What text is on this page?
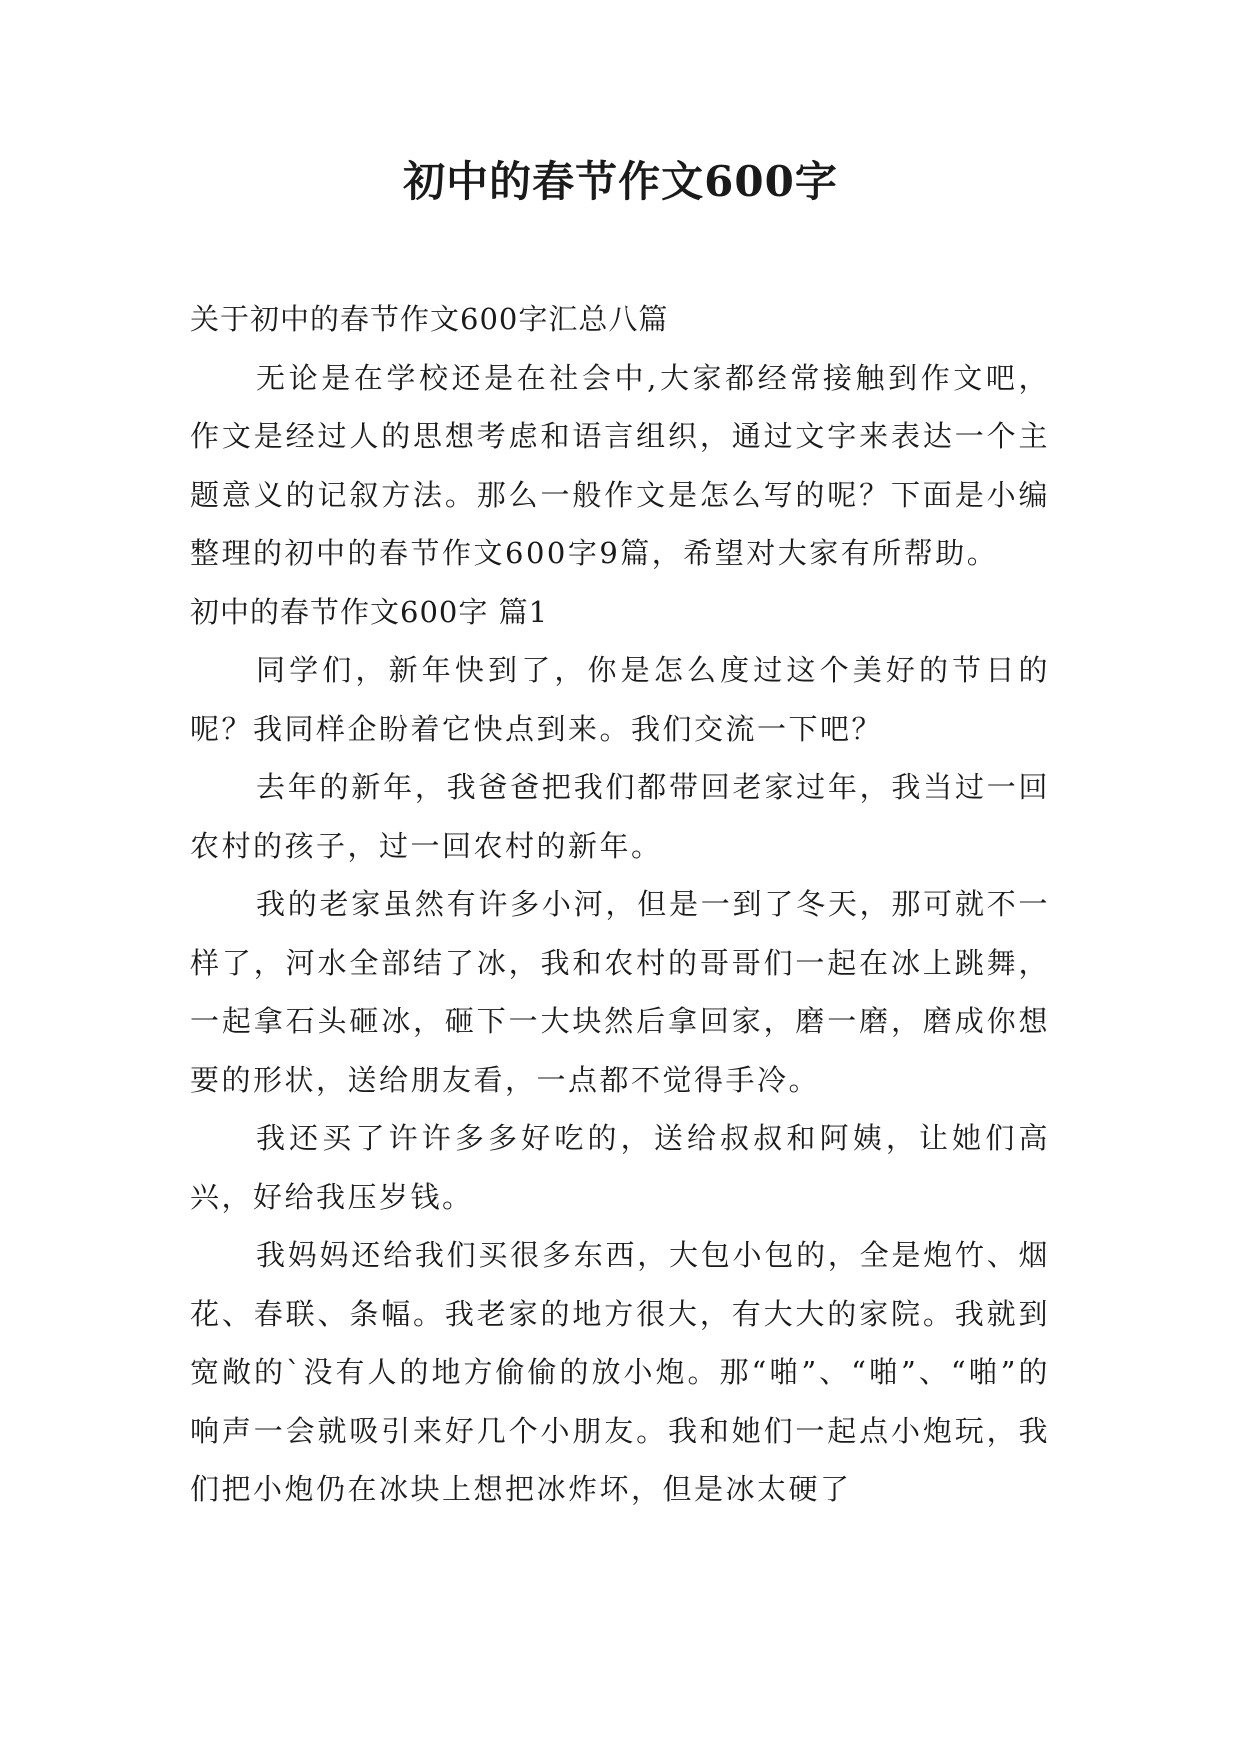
初中的春节作文600字

关于初中的春节作文600字汇总八篇

无论是在学校还是在社会中,大家都经常接触到作文吧，作文是经过人的思想考虑和语言组织，通过文字来表达一个主题意义的记叙方法。那么一般作文是怎么写的呢？下面是小编整理的初中的春节作文600字9篇，希望对大家有所帮助。

初中的春节作文600字 篇1

同学们，新年快到了，你是怎么度过这个美好的节日的呢？我同样企盼着它快点到来。我们交流一下吧？

去年的新年，我爸爸把我们都带回老家过年，我当过一回农村的孩子，过一回农村的新年。

我的老家虽然有许多小河，但是一到了冬天，那可就不一样了，河水全部结了冰，我和农村的哥哥们一起在冰上跳舞，一起拿石头砸冰，砸下一大块然后拿回家，磨一磨，磨成你想要的形状，送给朋友看，一点都不觉得手冷。

我还买了许许多多好吃的，送给叔叔和阿姨，让她们高兴，好给我压岁钱。

我妈妈还给我们买很多东西，大包小包的，全是炮竹、烟花、春联、条幅。我老家的地方很大，有大大的家院。我就到宽敞的`没有人的地方偷偷的放小炮。那“啪”、“啪”、“啪”的响声一会就吸引来好几个小朋友。我和她们一起点小炮玩，我们把小炮仍在冰块上想把冰炸坏，但是冰太硬了
